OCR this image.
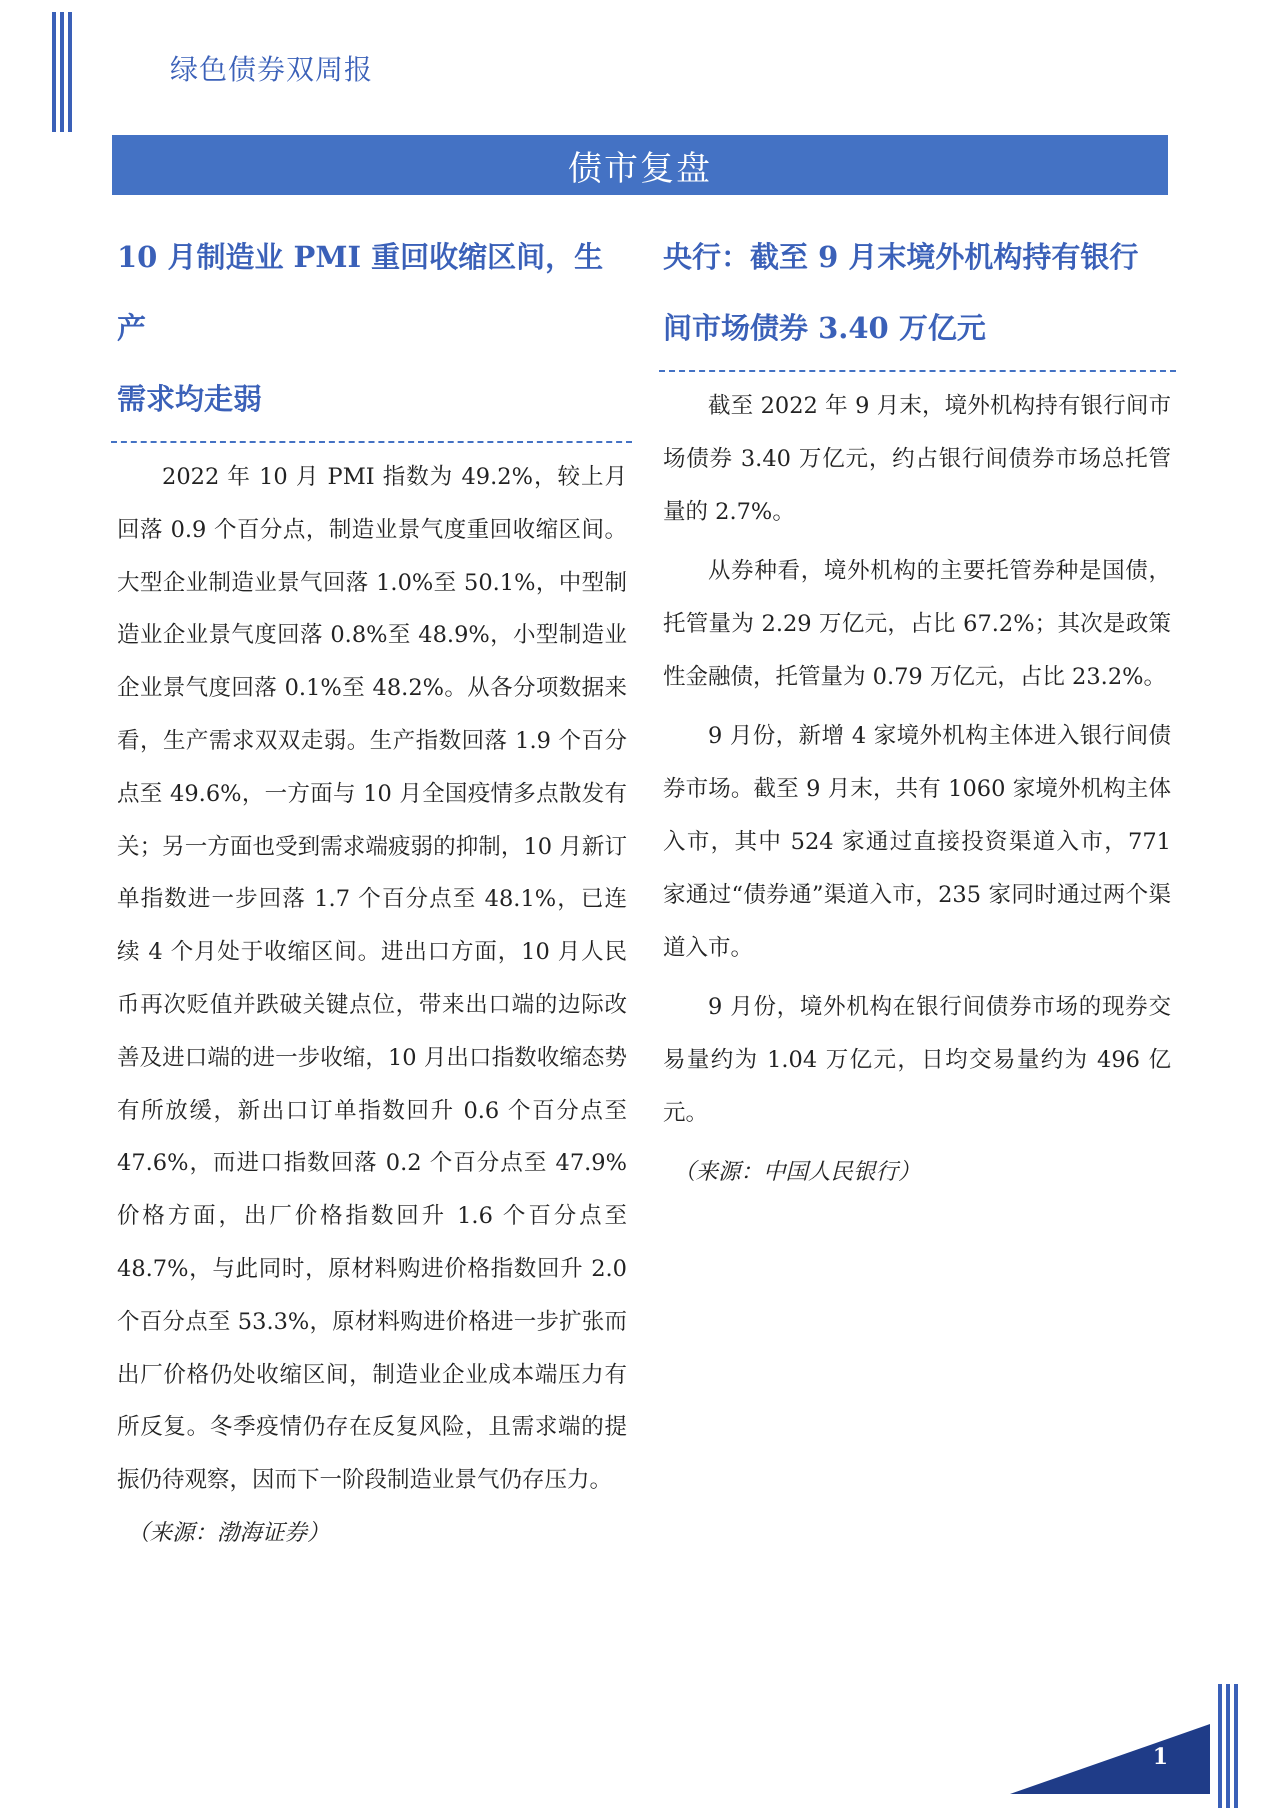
绿色债券双周报
债市复盘
10 月制造业 PMI 重回收缩区间，生产
需求均走弱

2022 年 10 月 PMI 指数为 49.2%，较上月回落 0.9 个百分点，制造业景气度重回收缩区间。大型企业制造业景气回落 1.0%至 50.1%，中型制造业企业景气度回落 0.8%至 48.9%，小型制造业企业景气度回落 0.1%至 48.2%。从各分项数据来看，生产需求双双走弱。生产指数回落 1.9 个百分点至 49.6%，一方面与 10 月全国疫情多点散发有关；另一方面也受到需求端疲弱的抑制，10 月新订单指数进一步回落 1.7 个百分点至 48.1%，已连续 4 个月处于收缩区间。进出口方面，10 月人民币再次贬值并跌破关键点位，带来出口端的边际改善及进口端的进一步收缩，10 月出口指数收缩态势有所放缓，新出口订单指数回升 0.6 个百分点至 47.6%，而进口指数回落 0.2 个百分点至 47.9%价格方面，出厂价格指数回升 1.6 个百分点至 48.7%，与此同时，原材料购进价格指数回升 2.0 个百分点至 53.3%，原材料购进价格进一步扩张而出厂价格仍处收缩区间，制造业企业成本端压力有所反复。冬季疫情仍存在反复风险，且需求端的提振仍待观察，因而下一阶段制造业景气仍存压力。

（来源：渤海证券）

央行：截至 9 月末境外机构持有银行
间市场债券 3.40 万亿元

截至 2022 年 9 月末，境外机构持有银行间市场债券 3.40 万亿元，约占银行间债券市场总托管量的 2.7%。

从券种看，境外机构的主要托管券种是国债，托管量为 2.29 万亿元，占比 67.2%；其次是政策性金融债，托管量为 0.79 万亿元，占比 23.2%。

9 月份，新增 4 家境外机构主体进入银行间债券市场。截至 9 月末，共有 1060 家境外机构主体入市，其中 524 家通过直接投资渠道入市，771 家通过“债券通”渠道入市，235 家同时通过两个渠道入市。

9 月份，境外机构在银行间债券市场的现券交易量约为 1.04 万亿元，日均交易量约为 496 亿元。

（来源：中国人民银行）

1
